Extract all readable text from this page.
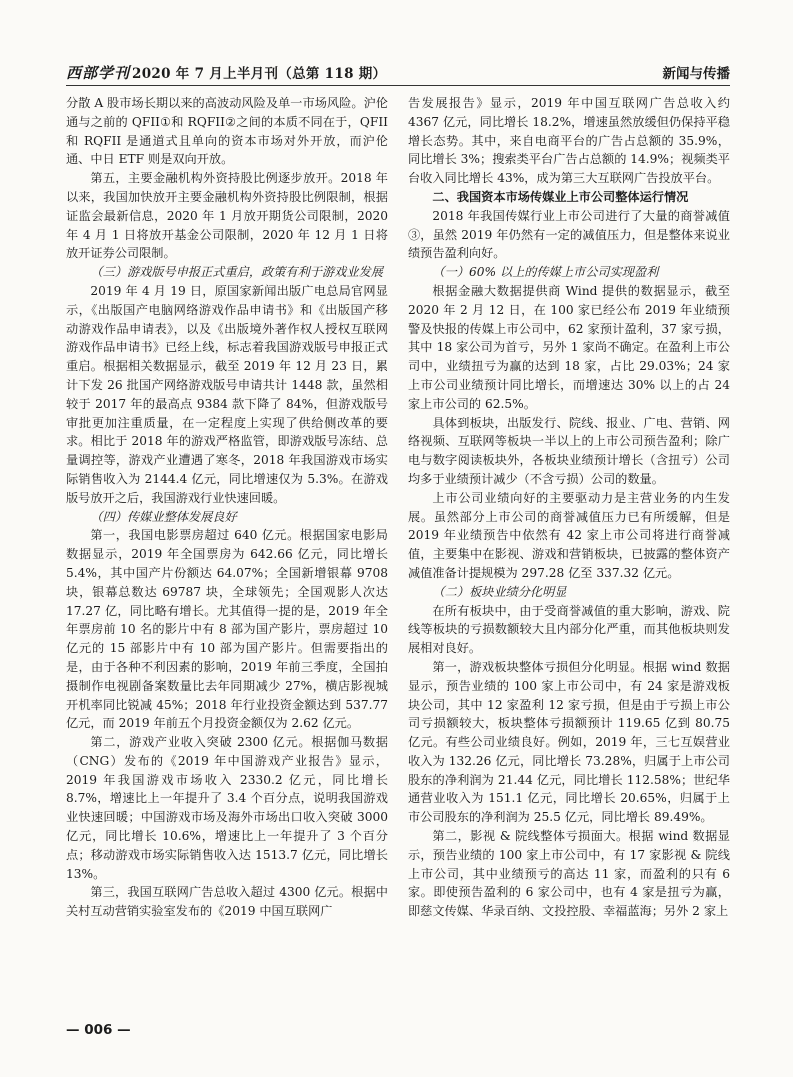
西部学刊 2020 年 7 月上半月刊（总第 118 期）	新闻与传播

分散 A 股市场长期以来的高波动风险及单一市场风险。沪伦通与之前的 QFII①和 RQFII②之间的本质不同在于，QFII 和 RQFII 是通道式且单向的资本市场对外开放，而沪伦通、中日 ETF 则是双向开放。

第五，主要金融机构外资持股比例逐步放开。2018 年以来，我国加快放开主要金融机构外资持股比例限制，根据证监会最新信息，2020 年 1 月放开期货公司限制，2020 年 4 月 1 日将放开基金公司限制，2020 年 12 月 1 日将放开证券公司限制。

（三）游戏版号申报正式重启，政策有利于游戏业发展

2019 年 4 月 19 日，原国家新闻出版广电总局官网显示，《出版国产电脑网络游戏作品申请书》和《出版国产移动游戏作品申请表》，以及《出版境外著作权人授权互联网游戏作品申请书》已经上线，标志着我国游戏版号申报正式重启。根据相关数据显示，截至 2019 年 12 月 23 日，累计下发 26 批国产网络游戏版号申请共计 1448 款，虽然相较于 2017 年的最高点 9384 款下降了 84%，但游戏版号审批更加注重质量，在一定程度上实现了供给侧改革的要求。相比于 2018 年的游戏严格监管，即游戏版号冻结、总量调控等，游戏产业遭遇了寒冬，2018 年我国游戏市场实际销售收入为 2144.4 亿元，同比增速仅为 5.3%。在游戏版号放开之后，我国游戏行业快速回暖。

（四）传媒业整体发展良好

第一，我国电影票房超过 640 亿元。根据国家电影局数据显示，2019 年全国票房为 642.66 亿元，同比增长 5.4%，其中国产片份额达 64.07%；全国新增银幕 9708 块，银幕总数达 69787 块，全球领先；全国观影人次达 17.27 亿，同比略有增长。尤其值得一提的是，2019 年全年票房前 10 名的影片中有 8 部为国产影片，票房超过 10 亿元的 15 部影片中有 10 部为国产影片。但需要指出的是，由于各种不利因素的影响，2019 年前三季度，全国拍摄制作电视剧备案数量比去年同期减少 27%，横店影视城开机率同比锐减 45%；2018 年行业投资金额达到 537.77 亿元，而 2019 年前五个月投资金额仅为 2.62 亿元。

第二，游戏产业收入突破 2300 亿元。根据伽马数据（CNG）发布的《2019 年中国游戏产业报告》显示，2019 年我国游戏市场收入 2330.2 亿元，同比增长 8.7%，增速比上一年提升了 3.4 个百分点，说明我国游戏业快速回暖；中国游戏市场及海外市场出口收入突破 3000 亿元，同比增长 10.6%，增速比上一年提升了 3 个百分点；移动游戏市场实际销售收入达 1513.7 亿元，同比增长 13%。

第三，我国互联网广告总收入超过 4300 亿元。根据中关村互动营销实验室发布的《2019 中国互联网广

告发展报告》显示，2019 年中国互联网广告总收入约 4367 亿元，同比增长 18.2%，增速虽然放缓但仍保持平稳增长态势。其中，来自电商平台的广告占总额的 35.9%，同比增长 3%；搜索类平台广告占总额的 14.9%；视频类平台收入同比增长 43%，成为第三大互联网广告投放平台。

二、我国资本市场传媒业上市公司整体运行情况

2018 年我国传媒行业上市公司进行了大量的商誉减值③，虽然 2019 年仍然有一定的减值压力，但是整体来说业绩预告盈利向好。

（一）60% 以上的传媒上市公司实现盈利

根据金融大数据提供商 Wind 提供的数据显示，截至 2020 年 2 月 12 日，在 100 家已经公布 2019 年业绩预警及快报的传媒上市公司中，62 家预计盈利，37 家亏损，其中 18 家公司为首亏，另外 1 家尚不确定。在盈利上市公司中，业绩扭亏为赢的达到 18 家，占比 29.03%；24 家上市公司业绩预计同比增长，而增速达 30% 以上的占 24 家上市公司的 62.5%。

具体到板块，出版发行、院线、报业、广电、营销、网络视频、互联网等板块一半以上的上市公司预告盈利；除广电与数字阅读板块外，各板块业绩预计增长（含扭亏）公司均多于业绩预计减少（不含亏损）公司的数量。

上市公司业绩向好的主要驱动力是主营业务的内生发展。虽然部分上市公司的商誉减值压力已有所缓解，但是 2019 年业绩预告中依然有 42 家上市公司将进行商誉减值，主要集中在影视、游戏和营销板块，已披露的整体资产减值准备计提规模为 297.28 亿至 337.32 亿元。

（二）板块业绩分化明显

在所有板块中，由于受商誉减值的重大影响，游戏、院线等板块的亏损数额较大且内部分化严重，而其他板块则发展相对良好。

第一，游戏板块整体亏损但分化明显。根据 wind 数据显示，预告业绩的 100 家上市公司中，有 24 家是游戏板块公司，其中 12 家盈利 12 家亏损，但是由于亏损上市公司亏损额较大，板块整体亏损额预计 119.65 亿到 80.75 亿元。有些公司业绩良好。例如，2019 年，三七互娱营业收入为 132.26 亿元，同比增长 73.28%，归属于上市公司股东的净利润为 21.44 亿元，同比增长 112.58%；世纪华通营业收入为 151.1 亿元，同比增长 20.65%，归属于上市公司股东的净利润为 25.5 亿元，同比增长 89.49%。

第二，影视 & 院线整体亏损面大。根据 wind 数据显示，预告业绩的 100 家上市公司中，有 17 家影视 & 院线上市公司，其中业绩预亏的高达 11 家，而盈利的只有 6 家。即使预告盈利的 6 家公司中，也有 4 家是扭亏为赢，即慈文传媒、华录百纳、文投控股、幸福蓝海；另外 2 家上

— 006 —
